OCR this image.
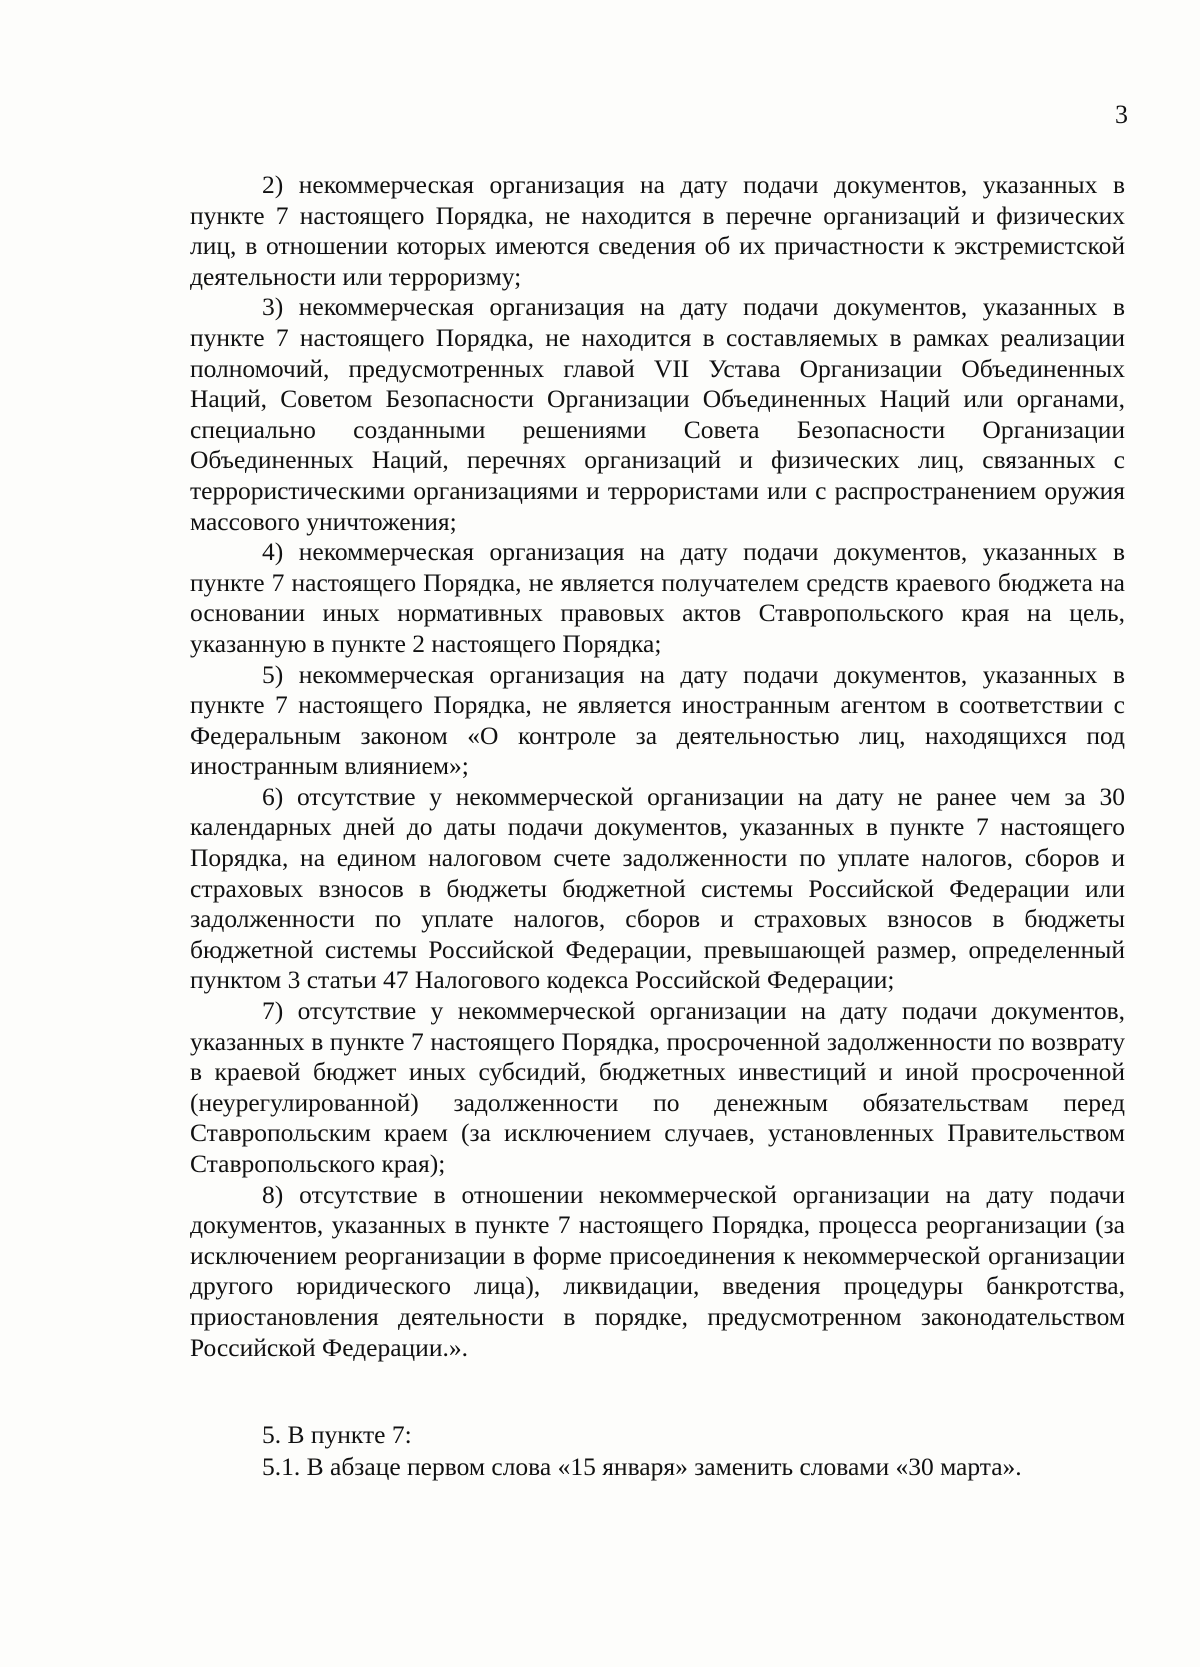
3

2) некоммерческая организация на дату подачи документов, указанных в пункте 7 настоящего Порядка, не находится в перечне организаций и физических лиц, в отношении которых имеются сведения об их причастности к экстремистской деятельности или терроризму;

3) некоммерческая организация на дату подачи документов, указанных в пункте 7 настоящего Порядка, не находится в составляемых в рамках реализации полномочий, предусмотренных главой VII Устава Организации Объединенных Наций, Советом Безопасности Организации Объединенных Наций или органами, специально созданными решениями Совета Безопасности Организации Объединенных Наций, перечнях организаций и физических лиц, связанных с террористическими организациями и террористами или с распространением оружия массового уничтожения;

4) некоммерческая организация на дату подачи документов, указанных в пункте 7 настоящего Порядка, не является получателем средств краевого бюджета на основании иных нормативных правовых актов Ставропольского края на цель, указанную в пункте 2 настоящего Порядка;

5) некоммерческая организация на дату подачи документов, указанных в пункте 7 настоящего Порядка, не является иностранным агентом в соответствии с Федеральным законом «О контроле за деятельностью лиц, находящихся под иностранным влиянием»;

6) отсутствие у некоммерческой организации на дату не ранее чем за 30 календарных дней до даты подачи документов, указанных в пункте 7 настоящего Порядка, на едином налоговом счете задолженности по уплате налогов, сборов и страховых взносов в бюджеты бюджетной системы Российской Федерации или задолженности по уплате налогов, сборов и страховых взносов в бюджеты бюджетной системы Российской Федерации, превышающей размер, определенный пунктом 3 статьи 47 Налогового кодекса Российской Федерации;

7) отсутствие у некоммерческой организации на дату подачи документов, указанных в пункте 7 настоящего Порядка, просроченной задолженности по возврату в краевой бюджет иных субсидий, бюджетных инвестиций и иной просроченной (неурегулированной) задолженности по денежным обязательствам перед Ставропольским краем (за исключением случаев, установленных Правительством Ставропольского края);

8) отсутствие в отношении некоммерческой организации на дату подачи документов, указанных в пункте 7 настоящего Порядка, процесса реорганизации (за исключением реорганизации в форме присоединения к некоммерческой организации другого юридического лица), ликвидации, введения процедуры банкротства, приостановления деятельности в порядке, предусмотренном законодательством Российской Федерации.».

5. В пункте 7:

5.1. В абзаце первом слова «15 января» заменить словами «30 марта».
